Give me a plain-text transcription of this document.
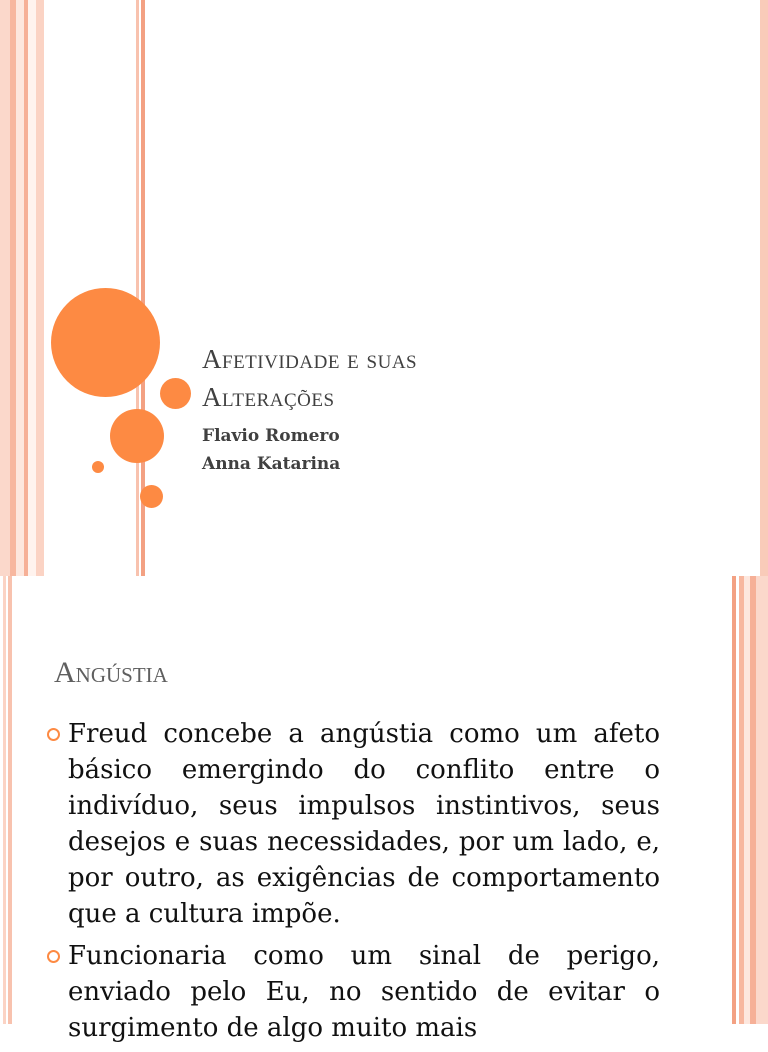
Afetividade e suas
Alterações
Flavio Romero
Anna Katarina
Angústia
Freud concebe a angústia como um afeto básico emergindo do conflito entre o indivíduo, seus impulsos instintivos, seus desejos e suas necessidades, por um lado, e, por outro, as exigências de comportamento que a cultura impõe.
Funcionaria como um sinal de perigo, enviado pelo Eu, no sentido de evitar o surgimento de algo muito mais
